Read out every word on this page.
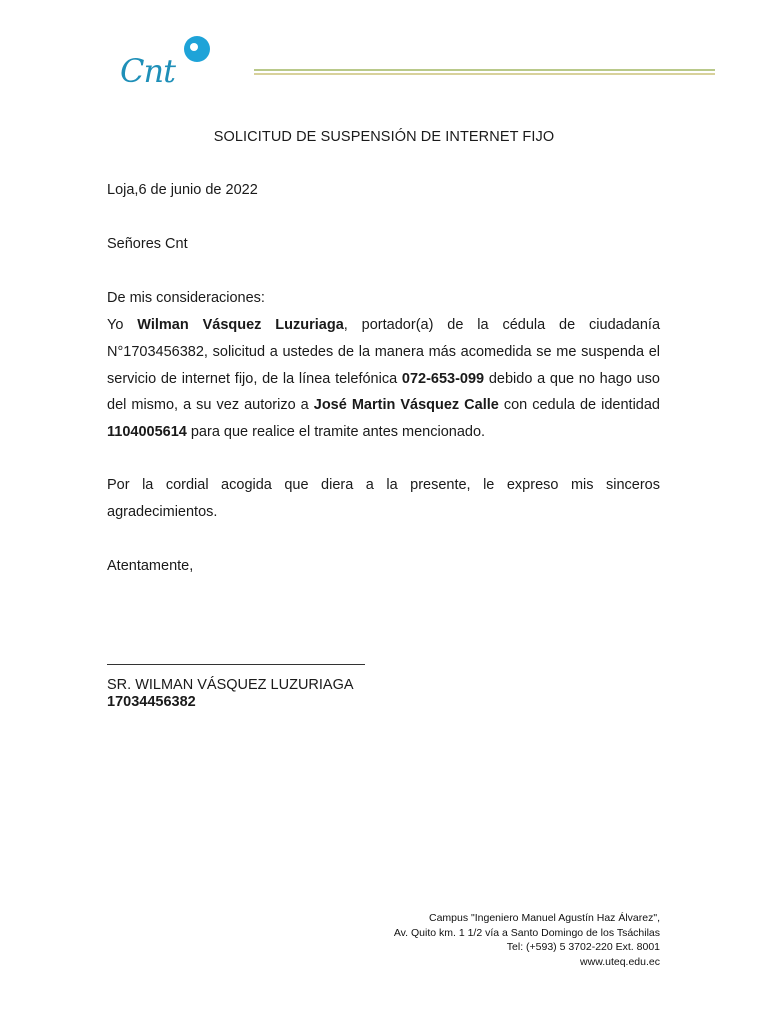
Cnt
SOLICITUD DE SUSPENSIÓN DE INTERNET FIJO
Loja,6 de junio de 2022
Señores Cnt
De mis consideraciones:
Yo Wilman Vásquez Luzuriaga, portador(a) de la cédula de ciudadanía N°1703456382, solicitud a ustedes de la manera más acomedida se me suspenda el servicio de internet fijo, de la línea telefónica 072-653-099 debido a que no hago uso del mismo, a su vez autorizo a José Martin Vásquez Calle con cedula de identidad 1104005614 para que realice el tramite antes mencionado.
Por la cordial acogida que diera a la presente, le expreso mis sinceros agradecimientos.
Atentamente,
SR. WILMAN VÁSQUEZ LUZURIAGA
17034456382
Campus "Ingeniero Manuel Agustín Haz Álvarez",
Av. Quito km. 1 1/2 vía a Santo Domingo de los Tsáchilas
Tel: (+593) 5 3702-220 Ext. 8001
www.uteq.edu.ec
